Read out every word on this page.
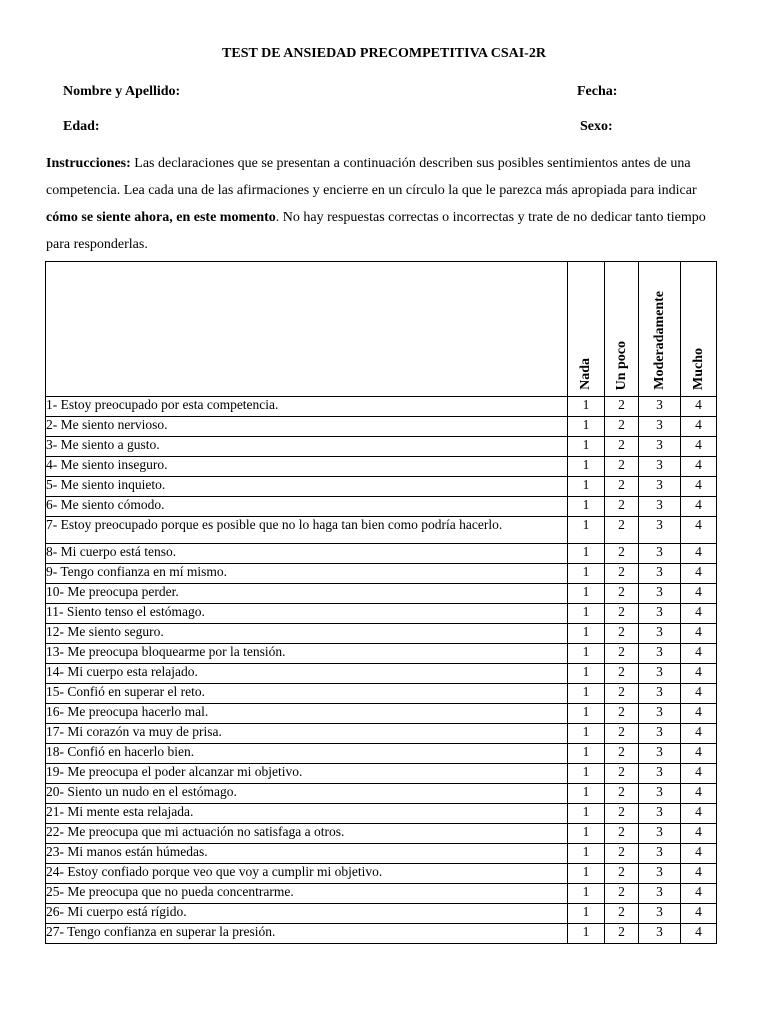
TEST DE ANSIEDAD PRECOMPETITIVA CSAI-2R
Nombre y Apellido:	Fecha:
Edad:	Sexo:

Instrucciones: Las declaraciones que se presentan a continuación describen sus posibles sentimientos antes de una competencia. Lea cada una de las afirmaciones y encierre en un círculo la que le parezca más apropiada para indicar cómo se siente ahora, en este momento. No hay respuestas correctas o incorrectas y trate de no dedicar tanto tiempo para responderlas.

	Nada	Un poco	Moderadamente	Mucho

1- Estoy preocupado por esta competencia.	1	2	3	4
2- Me siento nervioso.	1	2	3	4
3- Me siento a gusto.	1	2	3	4
4- Me siento inseguro.	1	2	3	4
5- Me siento inquieto.	1	2	3	4
6- Me siento cómodo.	1	2	3	4
7- Estoy preocupado porque es posible que no lo haga tan bien como podría hacerlo.	1	2	3	4
8- Mi cuerpo está tenso.	1	2	3	4
9- Tengo confianza en mí mismo.	1	2	3	4
10- Me preocupa perder.	1	2	3	4
11- Siento tenso el estómago.	1	2	3	4
12- Me siento seguro.	1	2	3	4
13- Me preocupa bloquearme por la tensión.	1	2	3	4
14- Mi cuerpo esta relajado.	1	2	3	4
15- Confió en superar el reto.	1	2	3	4
16- Me preocupa hacerlo mal.	1	2	3	4
17- Mi corazón va muy de prisa.	1	2	3	4
18- Confió en hacerlo bien.	1	2	3	4
19- Me preocupa el poder alcanzar mi objetivo.	1	2	3	4
20- Siento un nudo en el estómago.	1	2	3	4
21- Mi mente esta relajada.	1	2	3	4
22- Me preocupa que mi actuación no satisfaga a otros.	1	2	3	4
23- Mi manos están húmedas.	1	2	3	4
24- Estoy confiado porque veo que voy a cumplir mi objetivo.	1	2	3	4
25- Me preocupa que no pueda concentrarme.	1	2	3	4
26- Mi cuerpo está rígido.	1	2	3	4
27- Tengo confianza en superar la presión.	1	2	3	4
